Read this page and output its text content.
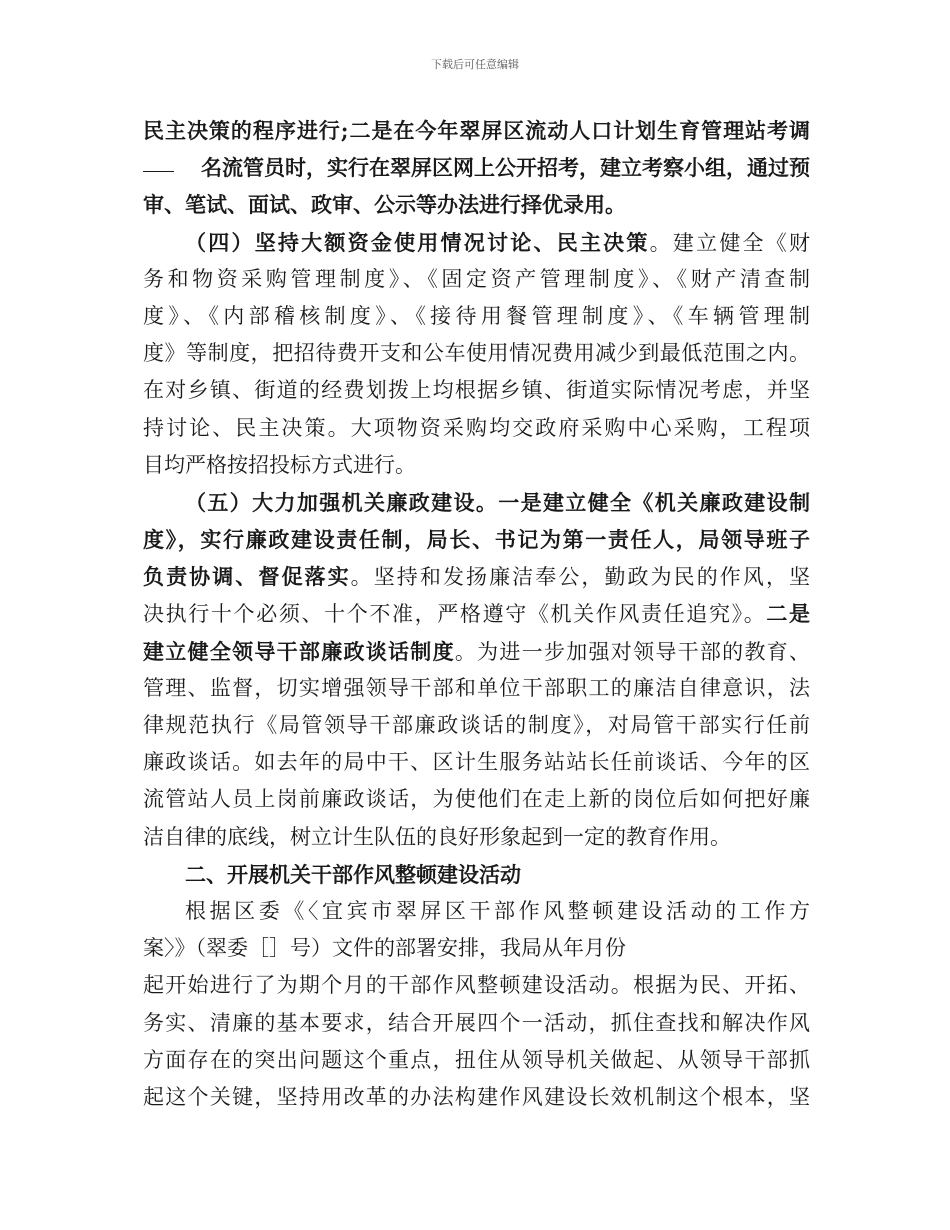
下载后可任意编辑
民主决策的程序进行;二是在今年翠屏区流动人口计划生育管理站考调
名流管员时，实行在翠屏区网上公开招考，建立考察小组，通过预
审、笔试、面试、政审、公示等办法进行择优录用。
（四）坚持大额资金使用情况讨论、民主决策。建立健全《财
务和物资采购管理制度》、《固定资产管理制度》、《财产清查制
度》、《内部稽核制度》、《接待用餐管理制度》、《车辆管理制
度》等制度，把招待费开支和公车使用情况费用减少到最低范围之内。
在对乡镇、街道的经费划拨上均根据乡镇、街道实际情况考虑，并坚
持讨论、民主决策。大项物资采购均交政府采购中心采购，工程项
目均严格按招投标方式进行。
（五）大力加强机关廉政建设。一是建立健全《机关廉政建设制
度》，实行廉政建设责任制，局长、书记为第一责任人，局领导班子
负责协调、督促落实。坚持和发扬廉洁奉公，勤政为民的作风，坚
决执行十个必须、十个不准，严格遵守《机关作风责任追究》。二是
建立健全领导干部廉政谈话制度。为进一步加强对领导干部的教育、
管理、监督，切实增强领导干部和单位干部职工的廉洁自律意识，法
律规范执行《局管领导干部廉政谈话的制度》，对局管干部实行任前
廉政谈话。如去年的局中干、区计生服务站站长任前谈话、今年的区
流管站人员上岗前廉政谈话，为使他们在走上新的岗位后如何把好廉
洁自律的底线，树立计生队伍的良好形象起到一定的教育作用。
二、开展机关干部作风整顿建设活动
根据区委《〈宜宾市翠屏区干部作风整顿建设活动的工作方
案〉》（翠委［］号）文件的部署安排，我局从年月份
起开始进行了为期个月的干部作风整顿建设活动。根据为民、开拓、
务实、清廉的基本要求，结合开展四个一活动，抓住查找和解决作风
方面存在的突出问题这个重点，扭住从领导机关做起、从领导干部抓
起这个关键，坚持用改革的办法构建作风建设长效机制这个根本，坚
